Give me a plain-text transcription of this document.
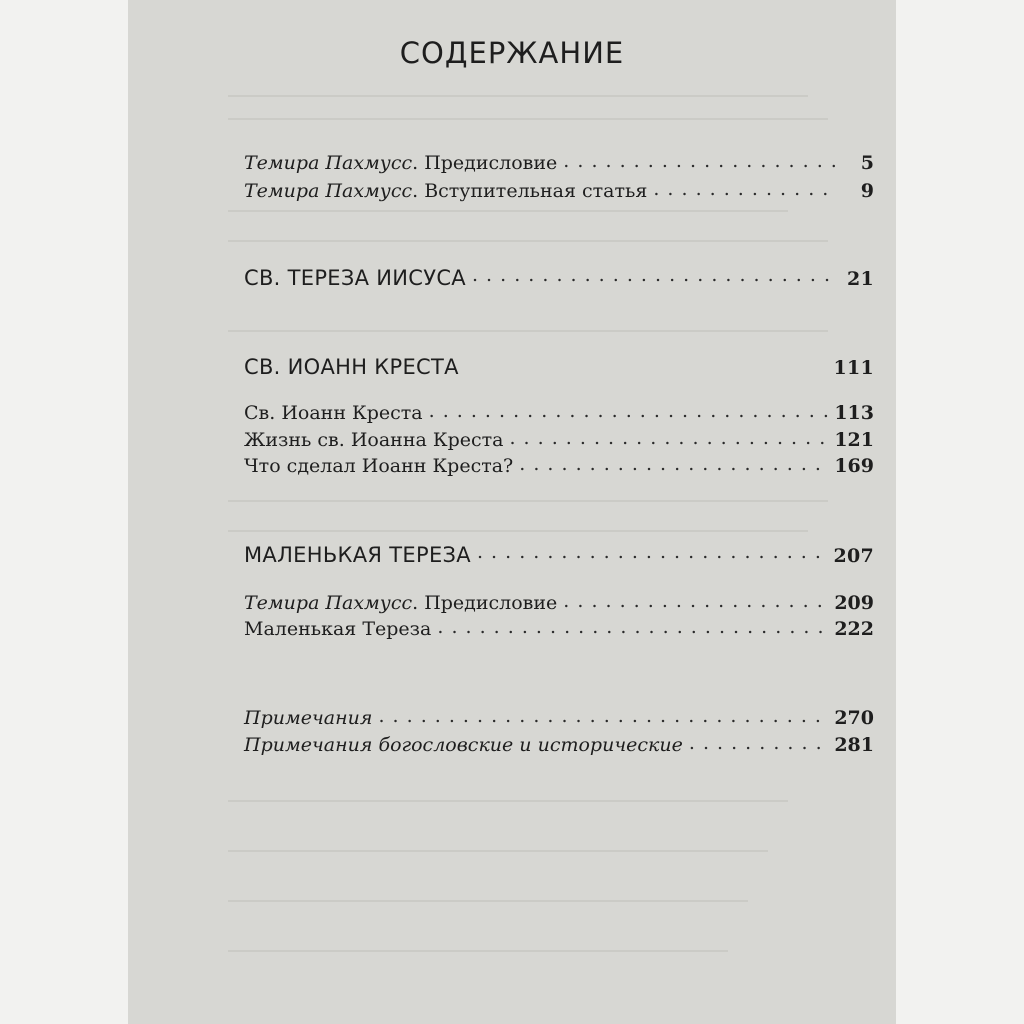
СОДЕРЖАНИЕ
Темира Пахмусс. Предисловие . . .	5
Темира Пахмусс. Вступительная статья . . .	9
СВ. ТЕРЕЗА ИИСУСА . . .	21
СВ. ИОАНН КРЕСТА	111
Св. Иоанн Креста . . .	113
Жизнь св. Иоанна Креста . . .	121
Что сделал Иоанн Креста? . . .	169
МАЛЕНЬКАЯ ТЕРЕЗА . . .	207
Темира Пахмусс. Предисловие . . .	209
Маленькая Тереза . . .	222
Примечания . . .	270
Примечания богословские и исторические . . .	281
